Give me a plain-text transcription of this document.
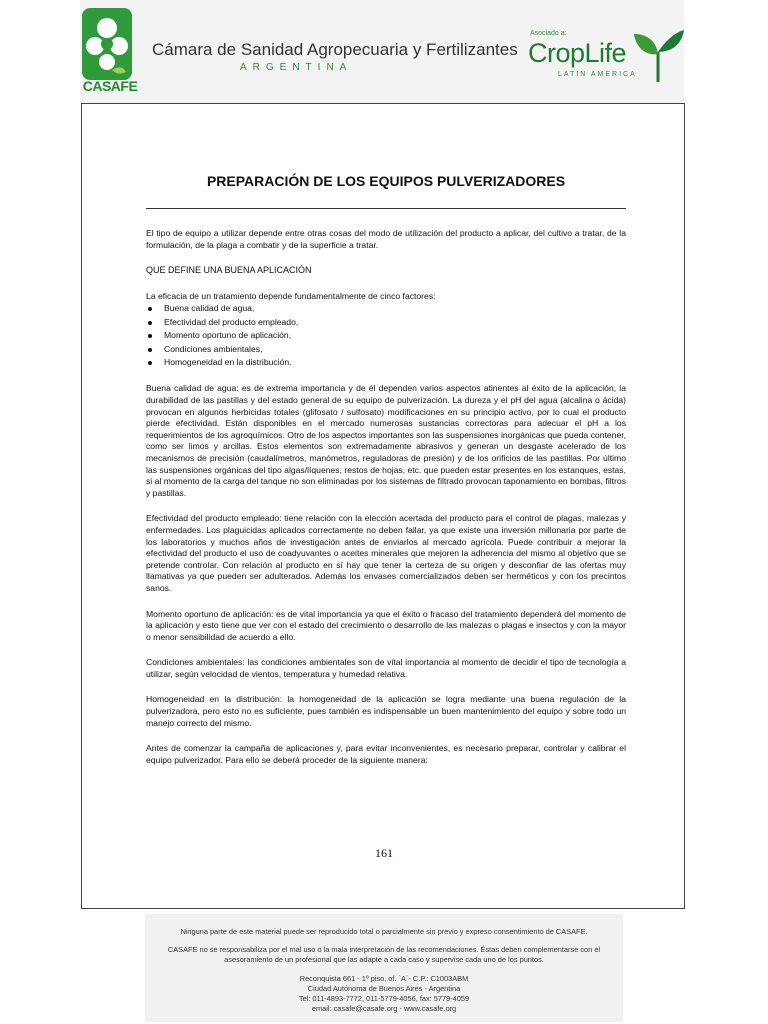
CASAFE
Cámara de Sanidad Agropecuaria y Fertilizantes
ARGENTINA
Asociado a:
CropLife
LATIN AMERICA
PREPARACIÓN DE LOS EQUIPOS PULVERIZADORES

El tipo de equipo a utilizar depende entre otras cosas del modo de utilización del producto a aplicar, del cultivo a tratar, de la formulación, de la plaga a combatir y de la superficie a tratar.

QUE DEFINE UNA BUENA APLICACIÓN

La eficacia de un tratamiento depende fundamentalmente de cinco factores:

Buena calidad de agua,
Efectividad del producto empleado,
Momento oportuno de aplicación,
Condiciones ambientales,
Homogeneidad en la distribución.

Buena calidad de agua: es de extrema importancia y de él dependen varios aspectos atinentes al éxito de la aplicación, la durabilidad de las pastillas y del estado general de su equipo de pulverización. La dureza y el pH del agua (alcalina o ácida) provocan en algunos herbicidas totales (glifosato / sulfosato) modificaciones en su principio activo, por lo cual el producto pierde efectividad. Están disponibles en el mercado numerosas sustancias correctoras para adecuar el pH a los requerimientos de los agroquímicos. Otro de los aspectos importantes son las suspensiones inorgánicas que pueda contener, como ser limos y arcillas. Estos elementos son extremadamente abrasivos y generan un desgaste acelerado de los mecanismos de precisión (caudalímetros, manómetros, reguladoras de presión) y de los orificios de las pastillas. Por último las suspensiones orgánicas del tipo algas/líquenes, restos de hojas, etc. que pueden estar presentes en los estanques, estas, si al momento de la carga del tanque no son eliminadas por los sistemas de filtrado provocan taponamiento en bombas, filtros y pastillas.

Efectividad del producto empleado: tiene relación con la elección acertada del producto para el control de plagas, malezas y enfermedades. Los plaguicidas aplicados correctamente no deben fallar, ya que existe una inversión millonaria por parte de los laboratorios y muchos años de investigación antes de enviarlos al mercado agrícola. Puede contribuir a mejorar la efectividad del producto el uso de coadyuvantes o aceites minerales que mejoren la adherencia del mismo al objetivo que se pretende controlar. Con relación al producto en sí hay que tener la certeza de su origen y desconfiar de las ofertas muy llamativas ya que pueden ser adulterados. Además los envases comercializados deben ser herméticos y con los precintos sanos.

Momento oportuno de aplicación: es de vital importancia ya que el éxito o fracaso del tratamiento dependerá del momento de la aplicación y esto tiene que ver con el estado del crecimiento o desarrollo de las malezas o plagas e insectos y con la mayor o menor sensibilidad de acuerdo a ello.

Condiciones ambientales: las condiciones ambientales son de vital importancia al momento de decidir el tipo de tecnología a utilizar, según velocidad de vientos, temperatura y humedad relativa.

Homogeneidad en la distribución: la homogeneidad de la aplicación se logra mediante una buena regulación de la pulverizadora, pero esto no es suficiente, pues también es indispensable un buen mantenimiento del equipo y sobre todo un manejo correcto del mismo.

Antes de comenzar la campaña de aplicaciones y, para evitar inconvenientes, es necesario preparar, controlar y calibrar el equipo pulverizador. Para ello se deberá proceder de la siguiente manera:

161
Ninguna parte de este material puede ser reproducido total o parcialmente sin previo y expreso consentimiento de CASAFE.
CASAFE no se responsabiliza por el mal uso o la mala interpretación de las recomendaciones. Éstas deben complementarse con el
asesoramiento de un profesional que las adapte a cada caso y supervise cada uno de los puntos.
Reconquista 661 - 1º piso, of. `A`- C.P.: C1003ABM
Ciudad Autónoma de Buenos Aires - Argentina
Tel: 011-4893-7772, 011-5779-4056, fax: 5779-4059
email: casafe@casafe.org - www.casafe.org
